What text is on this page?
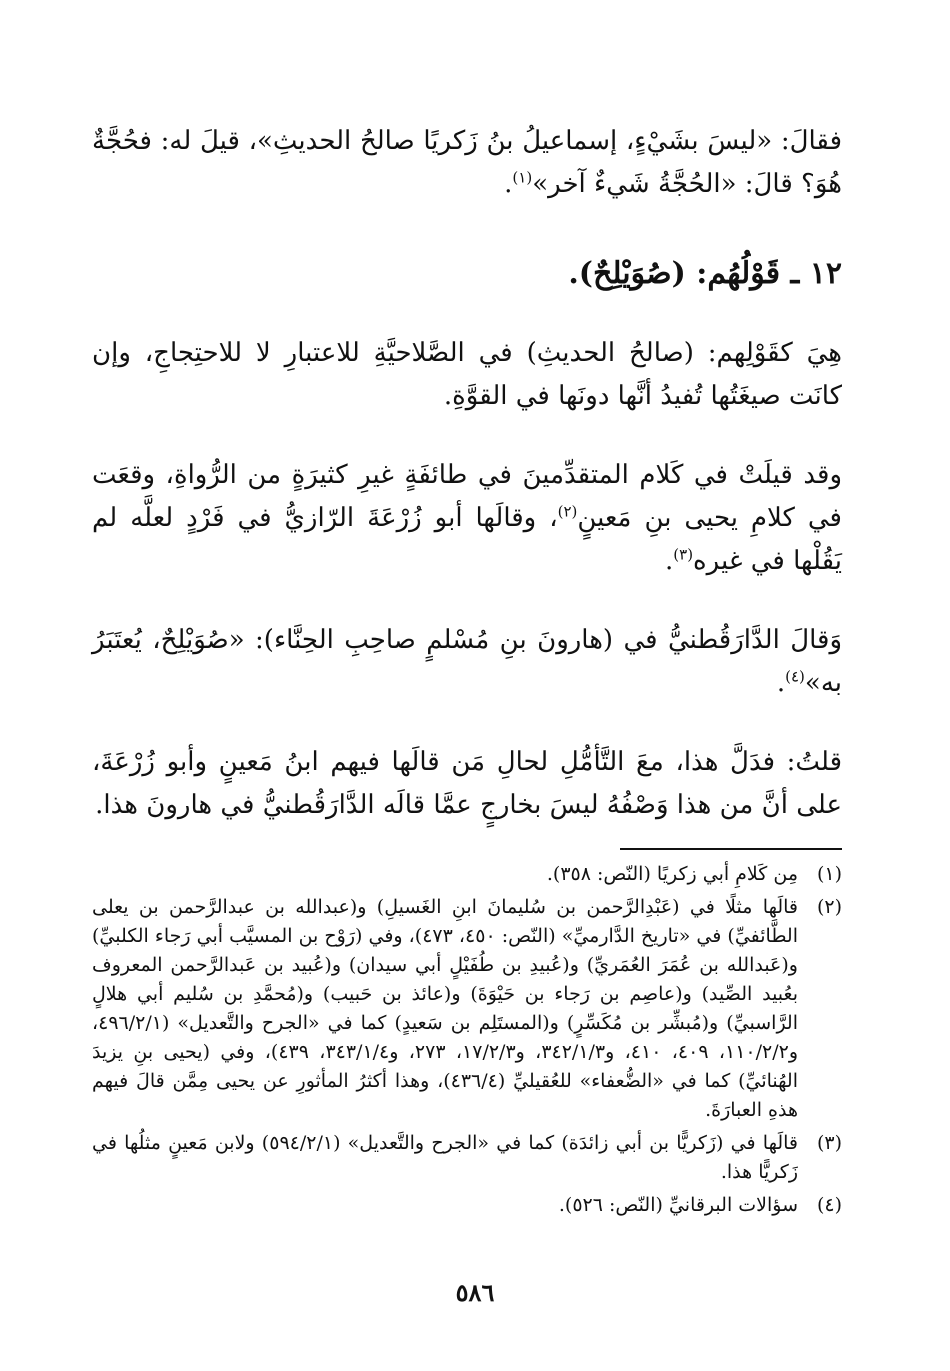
فقالَ: «ليسَ بشَيْءٍ، إسماعيلُ بنُ زَكريًا صالحُ الحديثِ»، قيلَ له: فحُجَّةٌ هُوَ؟ قالَ: «الحُجَّةُ شَيءٌ آخر»$^{(١)}$.

١٢ ـ قَوْلُهُم: (صُوَيْلِحٌ).

هِيَ كقَوْلِهم: (صالحُ الحديثِ) في الصَّلاحيَّةِ للاعتبارِ لا للاحتِجاجِ، وإن كانَت صيغَتُها تُفيدُ أنَّها دونَها في القوَّةِ.

وقد قيلَتْ في كَلام المتقدِّمينَ في طائفَةٍ غيرِ كثيرَةٍ من الرُّواةِ، وقعَت في كلامِ يحيى بنِ مَعينٍ$^{(٢)}$، وقالَها أبو زُرْعَةَ الرّازيُّ في فَرْدٍ لعلَّه لم يَقُلْها في غيره$^{(٣)}$.

وَقالَ الدَّارَقُطنيُّ في (هارونَ بنِ مُسْلمٍ صاحِبِ الحِنَّاء): «صُوَيْلِحٌ، يُعتَبَرُ به»$^{(٤)}$.

قلتُ: فدَلَّ هذا، معَ التَّأمُّلِ لحالِ مَن قالَها فيهم ابنُ مَعينٍ وأبو زُرْعَةَ، على أنَّ من هذا وَصْفُهُ ليسَ بخارجٍ عمَّا قالَه الدَّارَقُطنيُّ في هارونَ هذا.

(١)
مِن كَلامِ أبي زكريًا (النّص: ٣٥٨).
(٢)
قالَها مثلًا في (عَبْدِالرَّحمن بن سُليمانَ ابنِ الغَسيلِ) و(عبدالله بن عبدالرَّحمن بن يعلى الطَّائفيِّ) في «تاريخ الدَّارميِّ» (النّص: ٤٥٠، ٤٧٣)، وفي (رَوْح بن المسيَّب أبي رَجاء الكلبيِّ) و(عَبدالله بن عُمَرَ العُمَريِّ) و(عُبيدِ بن طُفَيْلٍ أبي سيدان) و(عُبيد بن عَبدالرَّحمن المعروف بعُبيد الصِّيد) و(عاصِم بن رَجاء بن حَيْوَةَ) و(عائذ بن حَبيب) و(مُحمَّدِ بن سُليم أبي هلالٍ الرَّاسبيِّ) و(مُبشِّر بن مُكَسِّرٍ) و(المستَلِم بن سَعيدٍ) كما في «الجرح والتَّعديل» (٤٩٦/٢/١، و١١٠/٢/٢، ٤٠٩، ٤١٠، و٣٤٢/١/٣، و١٧/٢/٣، ٢٧٣، و٣٤٣/١/٤، ٤٣٩)، وفي (يحيى بنِ يزيدَ الهُنائيِّ) كما في «الضُّعفاء» للعُقيليِّ (٤٣٦/٤)، وهذا أكثرُ المأثورِ عن يحيى مِمَّن قالَ فيهم هذهِ العبارَةَ.
(٣)
قالَها في (زَكريًّا بن أبي زائدَة) كما في «الجرح والتَّعديل» (٥٩٤/٢/١) ولابن مَعينٍ مثلُها في زَكريًّا هذا.
(٤)
سؤالات البرقانيِّ (النّص: ٥٢٦).
٥٨٦
